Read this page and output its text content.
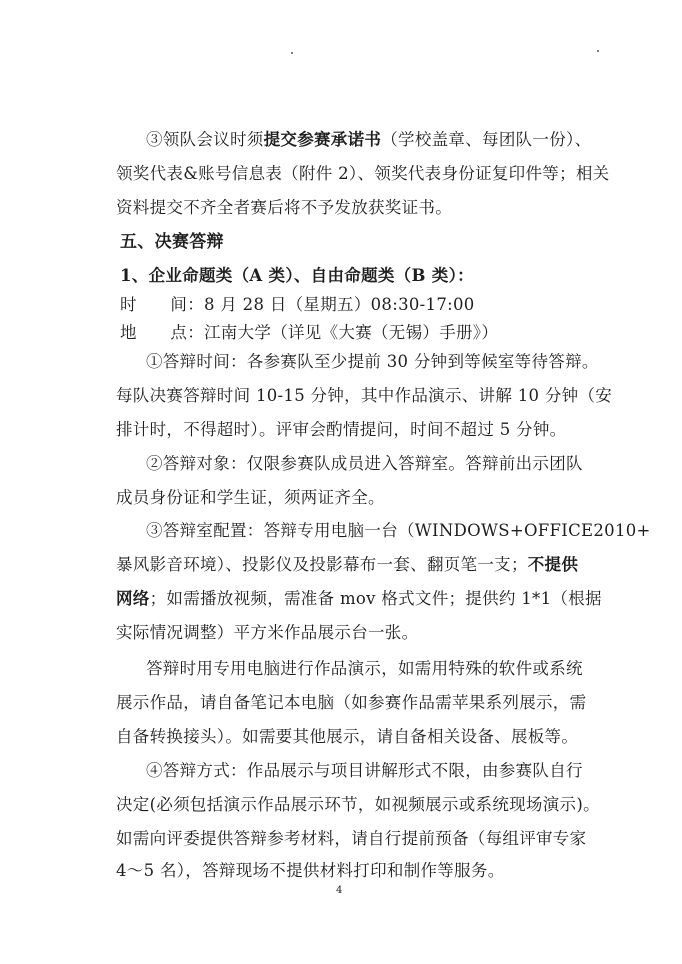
③领队会议时须提交参赛承诺书（学校盖章、每团队一份）、
领奖代表&账号信息表（附件 2）、领奖代表身份证复印件等；相关
资料提交不齐全者赛后将不予发放获奖证书。
五、决赛答辩
1、企业命题类（A 类）、自由命题类（B 类）：
时　　间：8 月 28 日（星期五）08:30-17:00
地　　点：江南大学（详见《大赛（无锡）手册》）
①答辩时间：各参赛队至少提前 30 分钟到等候室等待答辩。
每队决赛答辩时间 10-15 分钟，其中作品演示、讲解 10 分钟（安
排计时，不得超时）。评审会酌情提问，时间不超过 5 分钟。
②答辩对象：仅限参赛队成员进入答辩室。答辩前出示团队
成员身份证和学生证，须两证齐全。
③答辩室配置：答辩专用电脑一台（WINDOWS+OFFICE2010+
暴风影音环境）、投影仪及投影幕布一套、翻页笔一支；不提供
网络；如需播放视频，需准备 mov 格式文件；提供约 1*1（根据
实际情况调整）平方米作品展示台一张。
答辩时用专用电脑进行作品演示，如需用特殊的软件或系统
展示作品，请自备笔记本电脑（如参赛作品需苹果系列展示，需
自备转换接头）。如需要其他展示，请自备相关设备、展板等。
④答辩方式：作品展示与项目讲解形式不限，由参赛队自行
决定(必须包括演示作品展示环节，如视频展示或系统现场演示)。
如需向评委提供答辩参考材料，请自行提前预备（每组评审专家
4～5 名），答辩现场不提供材料打印和制作等服务。
4
